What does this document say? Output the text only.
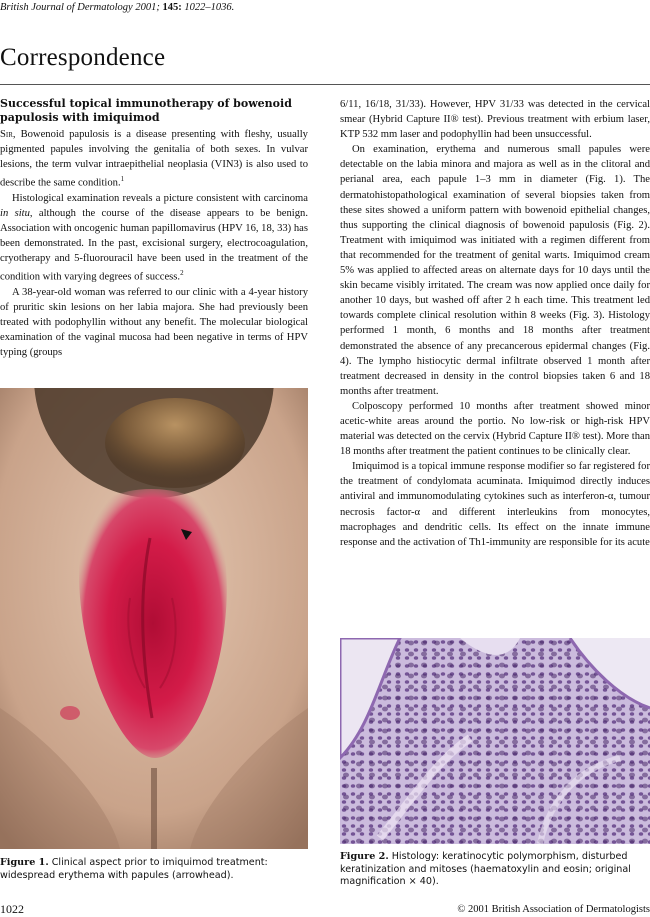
British Journal of Dermatology 2001; 145: 1022–1036.
Correspondence
Successful topical immunotherapy of bowenoid papulosis with imiquimod

Sir, Bowenoid papulosis is a disease presenting with fleshy, usually pigmented papules involving the genitalia of both sexes. In vulvar lesions, the term vulvar intraepithelial neoplasia (VIN3) is also used to describe the same condition.$^1$

Histological examination reveals a picture consistent with carcinoma in situ, although the course of the disease appears to be benign. Association with oncogenic human papillomavirus (HPV 16, 18, 33) has been demonstrated. In the past, excisional surgery, electrocoagulation, cryotherapy and 5-fluorouracil have been used in the treatment of the condition with varying degrees of success.$^2$

A 38-year-old woman was referred to our clinic with a 4-year history of pruritic skin lesions on her labia majora. She had previously been treated with podophyllin without any benefit. The molecular biological examination of the vaginal mucosa had been negative in terms of HPV typing (groups

6/11, 16/18, 31/33). However, HPV 31/33 was detected in the cervical smear (Hybrid Capture II® test). Previous treatment with erbium laser, KTP 532 mm laser and podophyllin had been unsuccessful.

On examination, erythema and numerous small papules were detectable on the labia minora and majora as well as in the clitoral and perianal area, each papule 1–3 mm in diameter (Fig. 1). The dermatohistopathological examination of several biopsies taken from these sites showed a uniform pattern with bowenoid epithelial changes, thus supporting the clinical diagnosis of bowenoid papulosis (Fig. 2). Treatment with imiquimod was initiated with a regimen different from that recommended for the treatment of genital warts. Imiquimod cream 5% was applied to affected areas on alternate days for 10 days until the skin became visibly irritated. The cream was now applied once daily for another 10 days, but washed off after 2 h each time. This treatment led towards complete clinical resolution within 8 weeks (Fig. 3). Histology performed 1 month, 6 months and 18 months after treatment demonstrated the absence of any precancerous epidermal changes (Fig. 4). The lympho histiocytic dermal infiltrate observed 1 month after treatment decreased in density in the control biopsies taken 6 and 18 months after treatment.

Colposcopy performed 10 months after treatment showed minor acetic-white areas around the portio. No low-risk or high-risk HPV material was detected on the cervix (Hybrid Capture II® test). More than 18 months after treatment the patient continues to be clinically clear.

Imiquimod is a topical immune response modifier so far registered for the treatment of condylomata acuminata. Imiquimod directly induces antiviral and immunomodulating cytokines such as interferon-α, tumour necrosis factor-α and different interleukins from monocytes, macrophages and dendritic cells. Its effect on the innate immune response and the activation of Th1-immunity are responsible for its acute

Figure 1. Clinical aspect prior to imiquimod treatment: widespread erythema with papules (arrowhead).
Figure 2. Histology: keratinocytic polymorphism, disturbed keratinization and mitoses (haematoxylin and eosin; original magnification × 40).
1022	© 2001 British Association of Dermatologists
